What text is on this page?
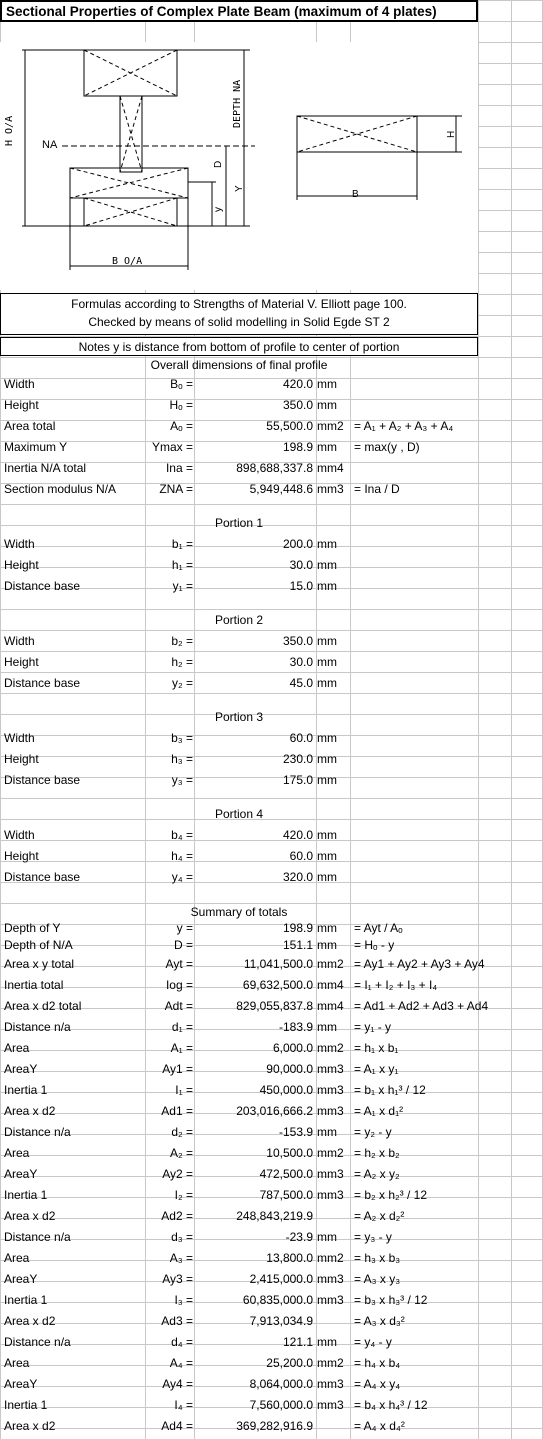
Sectional Properties of Complex Plate Beam (maximum of 4 plates)
H O/A NA
DEPTH NA
D
Y
y
B O/A
H
B
Formulas according to Strengths of Material V. Elliott page 100.
Checked by means of solid modelling in Solid Egde ST 2
Notes y is distance from bottom of profile to center of portion
Overall dimensions of final profile
Width	Bₒ =	420.0 mm
Height	Hₒ =	350.0 mm
Area total	Aₒ =	55,500.0 mm2 = A₁ + A₂ + A₃ + A₄
Maximum Y	Ymax =	198.9 mm = max(y , D)
Inertia N/A total	Ina =	898,688,337.8 mm4
Section modulus N/A	ZNA =	5,949,448.6 mm3 = Ina / D
Portion 1
Width	b₁ =	200.0 mm
Height	h₁ =	30.0 mm
Distance base	y₁ =	15.0 mm
Portion 2
Width	b₂ =	350.0 mm
Height	h₂ =	30.0 mm
Distance base	y₂ =	45.0 mm
Portion 3
Width	b₃ =	60.0 mm
Height	h₃ =	230.0 mm
Distance base	y₃ =	175.0 mm
Portion 4
Width	b₄ =	420.0 mm
Height	h₄ =	60.0 mm
Distance base	y₄ =	320.0 mm
Summary of totals
Depth of Y	y =	198.9 mm = Ayt / Aₒ
Depth of N/A	D =	151.1 mm = Hₒ - y
Area x y total	Ayt =	11,041,500.0 mm2 = Ay1 + Ay2 + Ay3 + Ay4
Inertia total	Iog =	69,632,500.0 mm4 = I₁ + I₂ + I₃ + I₄
Area x d2 total	Adt =	829,055,837.8 mm4 = Ad1 + Ad2 + Ad3 + Ad4
Distance n/a	d₁ =	-183.9 mm = y₁ - y
Area	A₁ =	6,000.0 mm2 = h₁ x b₁
AreaY	Ay1 =	90,000.0 mm3 = A₁ x y₁
Inertia 1	I₁ =	450,000.0 mm3 = b₁ x h₁³ / 12
Area x d2	Ad1 =	203,016,666.2 mm3 = A₁ x d₁²
Distance n/a	d₂ =	-153.9 mm = y₂ - y
Area	A₂ =	10,500.0 mm2 = h₂ x b₂
AreaY	Ay2 =	472,500.0 mm3 = A₂ x y₂
Inertia 1	I₂ =	787,500.0 mm3 = b₂ x h₂³ / 12
Area x d2	Ad2 =	248,843,219.9	= A₂ x d₂²
Distance n/a	d₃ =	-23.9 mm = y₃ - y
Area	A₃ =	13,800.0 mm2 = h₃ x b₃
AreaY	Ay3 =	2,415,000.0 mm3 = A₃ x y₃
Inertia 1	I₃ =	60,835,000.0 mm3 = b₃ x h₃³ / 12
Area x d2	Ad3 =	7,913,034.9	= A₃ x d₃²
Distance n/a	d₄ =	121.1 mm = y₄ - y
Area	A₄ =	25,200.0 mm2 = h₄ x b₄
AreaY	Ay4 =	8,064,000.0 mm3 = A₄ x y₄
Inertia 1	I₄ =	7,560,000.0 mm3 = b₄ x h₄³ / 12
Area x d2	Ad4 =	369,282,916.9	= A₄ x d₄²
